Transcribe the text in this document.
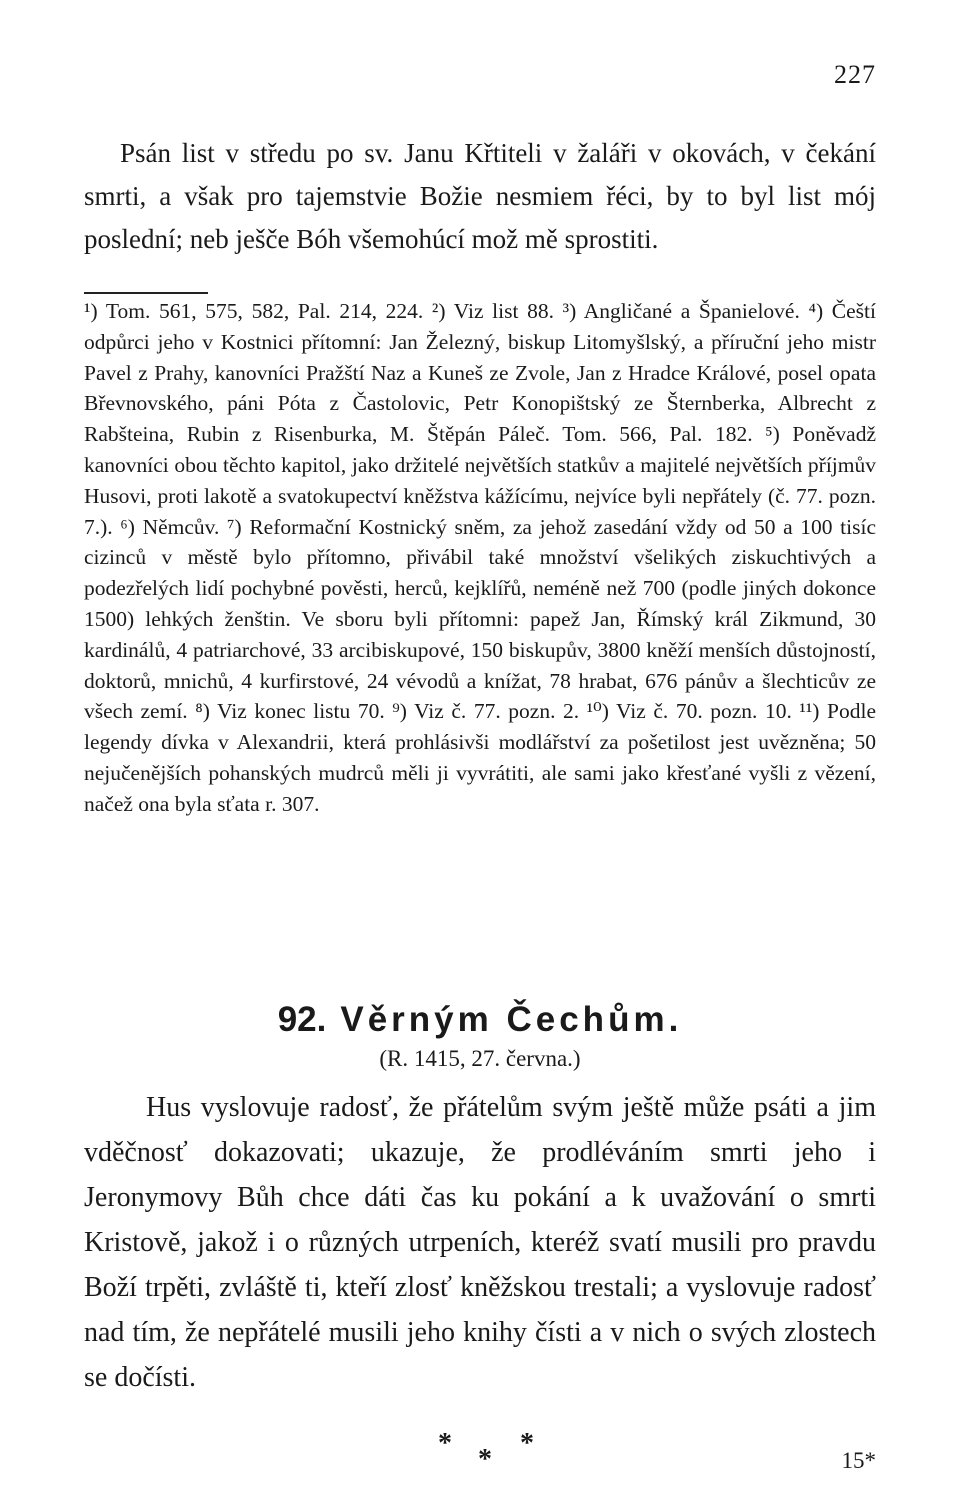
227

Psán list v středu po sv. Janu Křtiteli v žaláři v okovách, v čekání smrti, a však pro tajemstvie Božie nesmiem řéci, by to byl list mój poslední; neb ješče Bóh všemohúcí mož mě sprostiti.

¹) Tom. 561, 575, 582, Pal. 214, 224. ²) Viz list 88. ³) Angličané a Španielové. ⁴) Čeští odpůrci jeho v Kostnici přítomní: Jan Železný, biskup Litomyšlský, a příruční jeho mistr Pavel z Prahy, kanovníci Pražští Naz a Kuneš ze Zvole, Jan z Hradce Králové, posel opata Břevnovského, páni Póta z Častolovic, Petr Konopištský ze Šternberka, Albrecht z Rabšteina, Rubin z Risenburka, M. Štěpán Páleč. Tom. 566, Pal. 182. ⁵) Poněvadž kanovníci obou těchto kapitol, jako držitelé největších statkův a majitelé největších příjmův Husovi, proti lakotě a svatokupectví kněžstva kážícímu, nejvíce byli nepřátely (č. 77. pozn. 7.). ⁶) Němcův. ⁷) Reformační Kostnický sněm, za jehož zasedání vždy od 50 a 100 tisíc cizinců v městě bylo přítomno, přivábil také množství všelikých ziskuchtivých a podezřelých lidí pochybné pověsti, herců, kejklířů, neméně než 700 (podle jiných dokonce 1500) lehkých ženštin. Ve sboru byli přítomni: papež Jan, Římský král Zikmund, 30 kardinálů, 4 patriarchové, 33 arcibiskupové, 150 biskupův, 3800 kněží menších důstojností, doktorů, mnichů, 4 kurfirstové, 24 vévodů a knížat, 78 hrabat, 676 pánův a šlechticův ze všech zemí. ⁸) Viz konec listu 70. ⁹) Viz č. 77. pozn. 2. ¹⁰) Viz č. 70. pozn. 10. ¹¹) Podle legendy dívka v Alexandrii, která prohlásivši modlářství za pošetilost jest uvězněna; 50 nejučenějších pohanských mudrců měli ji vyvrátiti, ale sami jako křesťané vyšli z vězení, načež ona byla sťata r. 307.

92. Věrným Čechům.
(R. 1415, 27. června.)

Hus vyslovuje radosť, že přátelům svým ještě může psáti a jim vděčnosť dokazovati; ukazuje, že prodléváním smrti jeho i Jeronymovy Bůh chce dáti čas ku pokání a k uvažování o smrti Kristově, jakož i o různých utrpeních, kteréž svatí musili pro pravdu Boží trpěti, zvláště ti, kteří zlosť kněžskou trestali; a vyslovuje radosť nad tím, že nepřátelé musili jeho knihy čísti a v nich o svých zlostech se dočísti.

* *
*	15*
